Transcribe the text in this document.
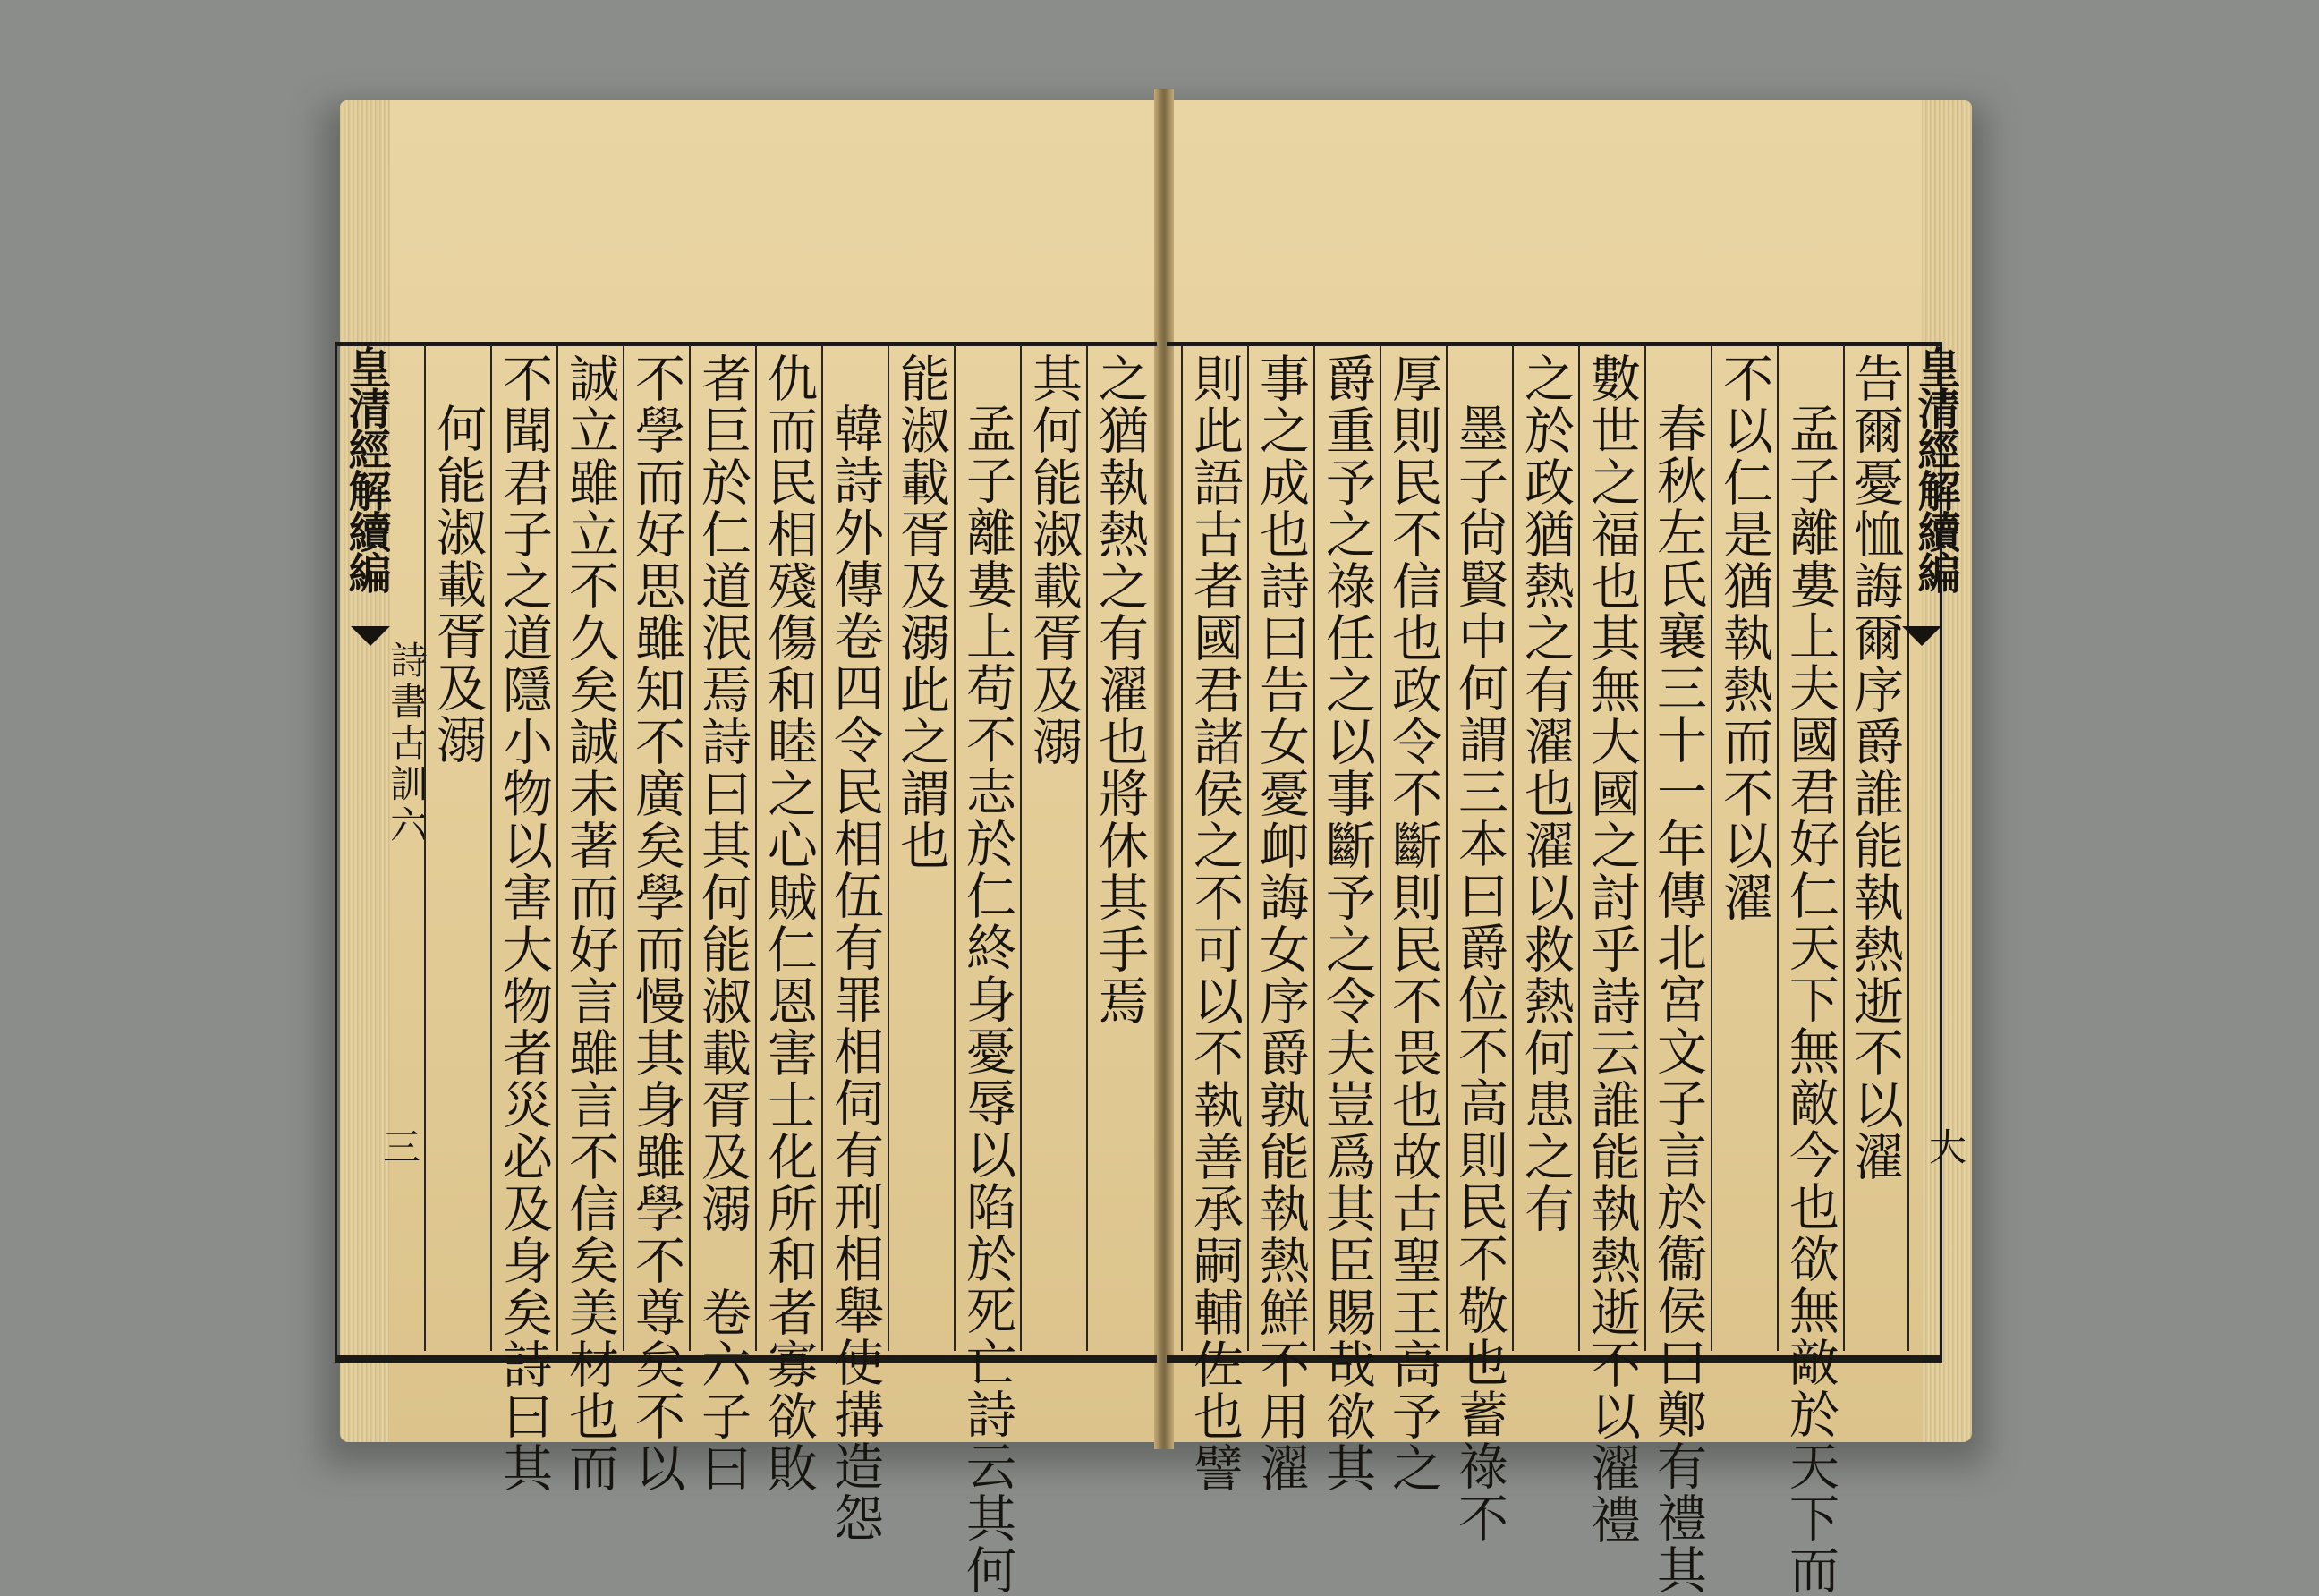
皇清經解續編
詩書古訓六
三
之猶執熱之有濯也將休其手焉
其何能淑載胥及溺
孟子離婁上苟不志於仁終身憂辱以陷於死亡詩云其何
能淑載胥及溺此之謂也
韓詩外傳卷四令民相伍有罪相伺有刑相舉使搆造怨
仇而民相殘傷和睦之心賊仁恩害士化所和者寡欲敗
者巨於仁道泯焉詩曰其何能淑載胥及溺　卷六子曰
不學而好思雖知不廣矣學而慢其身雖學不尊矣不以
誠立雖立不久矣誠未著而好言雖言不信矣美材也而
不聞君子之道隱小物以害大物者災必及身矣詩曰其
何能淑載胥及溺	告爾憂恤誨爾序爵誰能執熱逝不以濯
孟子離婁上夫國君好仁天下無敵今也欲無敵於天下而
不以仁是猶執熱而不以濯
春秋左氏襄三十一年傳北宮文子言於衞侯曰鄭有禮其
數世之福也其無大國之討乎詩云誰能執熱逝不以濯禮
之於政猶熱之有濯也濯以救熱何患之有
墨子尙賢中何謂三本曰爵位不高則民不敬也蓄祿不
厚則民不信也政令不斷則民不畏也故古聖王高予之
爵重予之祿任之以事斷予之令夫豈爲其臣賜哉欲其
事之成也詩曰告女憂卹誨女序爵孰能執熱鮮不用濯
則此語古者國君諸侯之不可以不執善承嗣輔佐也譬	皇清經解續編
大
